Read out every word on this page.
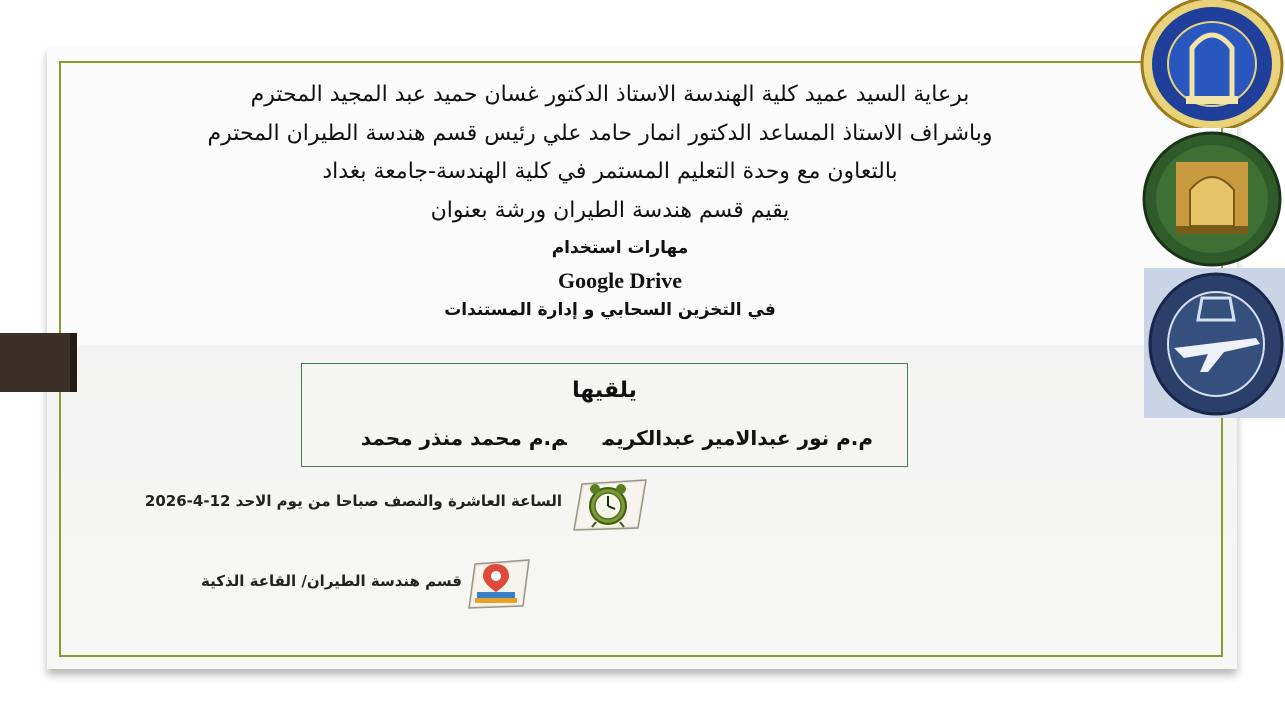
برعاية السيد عميد كلية الهندسة الاستاذ الدكتور غسان حميد عبد المجيد المحترم
وباشراف الاستاذ المساعد الدكتور انمار حامد علي رئيس قسم هندسة الطيران المحترم
بالتعاون مع وحدة التعليم المستمر في كلية الهندسة-جامعة بغداد
يقيم قسم هندسة الطيران ورشة بعنوان
مهارات استخدام
Google Drive
في التخزين السحابي و إدارة المستندات
يلقيها
م.م نور عبدالامير عبدالكريمم.م محمد منذر محمد
الساعة العاشرة والنصف صباحا من يوم الاحد 12-4-2026
قسم هندسة الطيران/ القاعة الذكية
